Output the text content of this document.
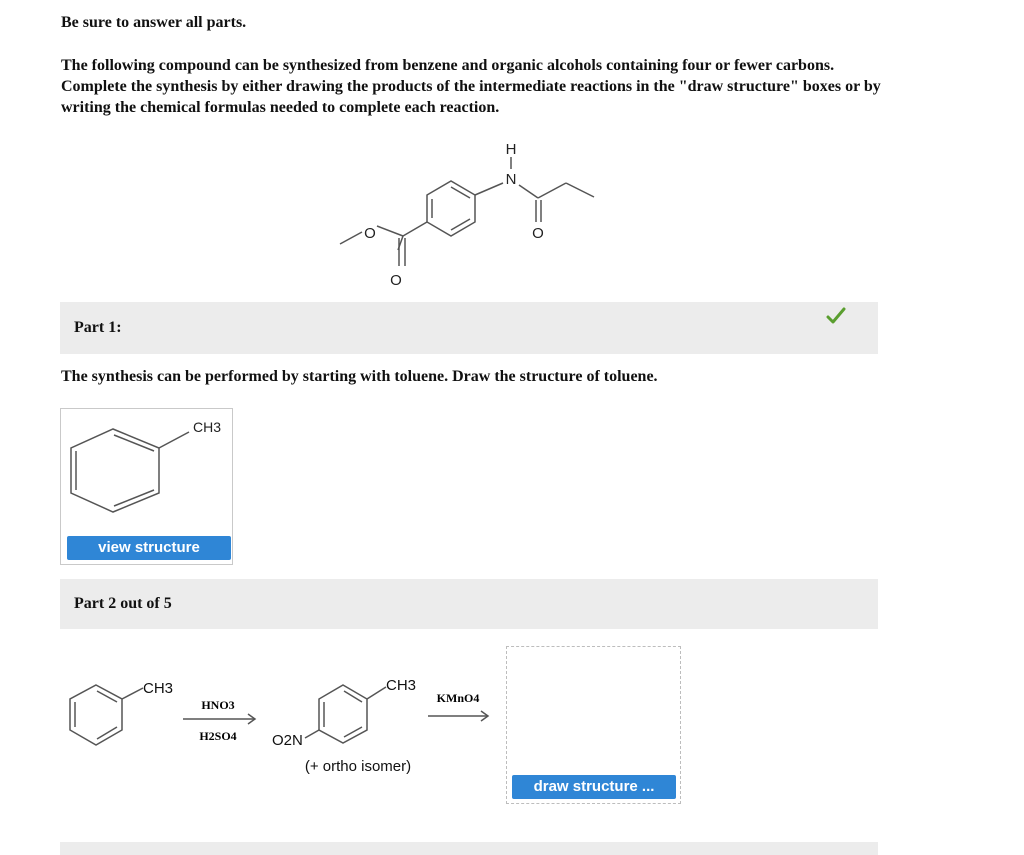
Be sure to answer all parts.
The following compound can be synthesized from benzene and organic alcohols containing four or fewer carbons. Complete the synthesis by either drawing the products of the intermediate reactions in the "draw structure" boxes or by writing the chemical formulas needed to complete each reaction.
H
N
O
O
O
Part 1:
The synthesis can be performed by starting with toluene. Draw the structure of toluene.
CH3
view structure
Part 2 out of 5
CH3
HNO3
H2SO4
CH3
O2N
(+ ortho isomer)
KMnO4
draw structure ...
